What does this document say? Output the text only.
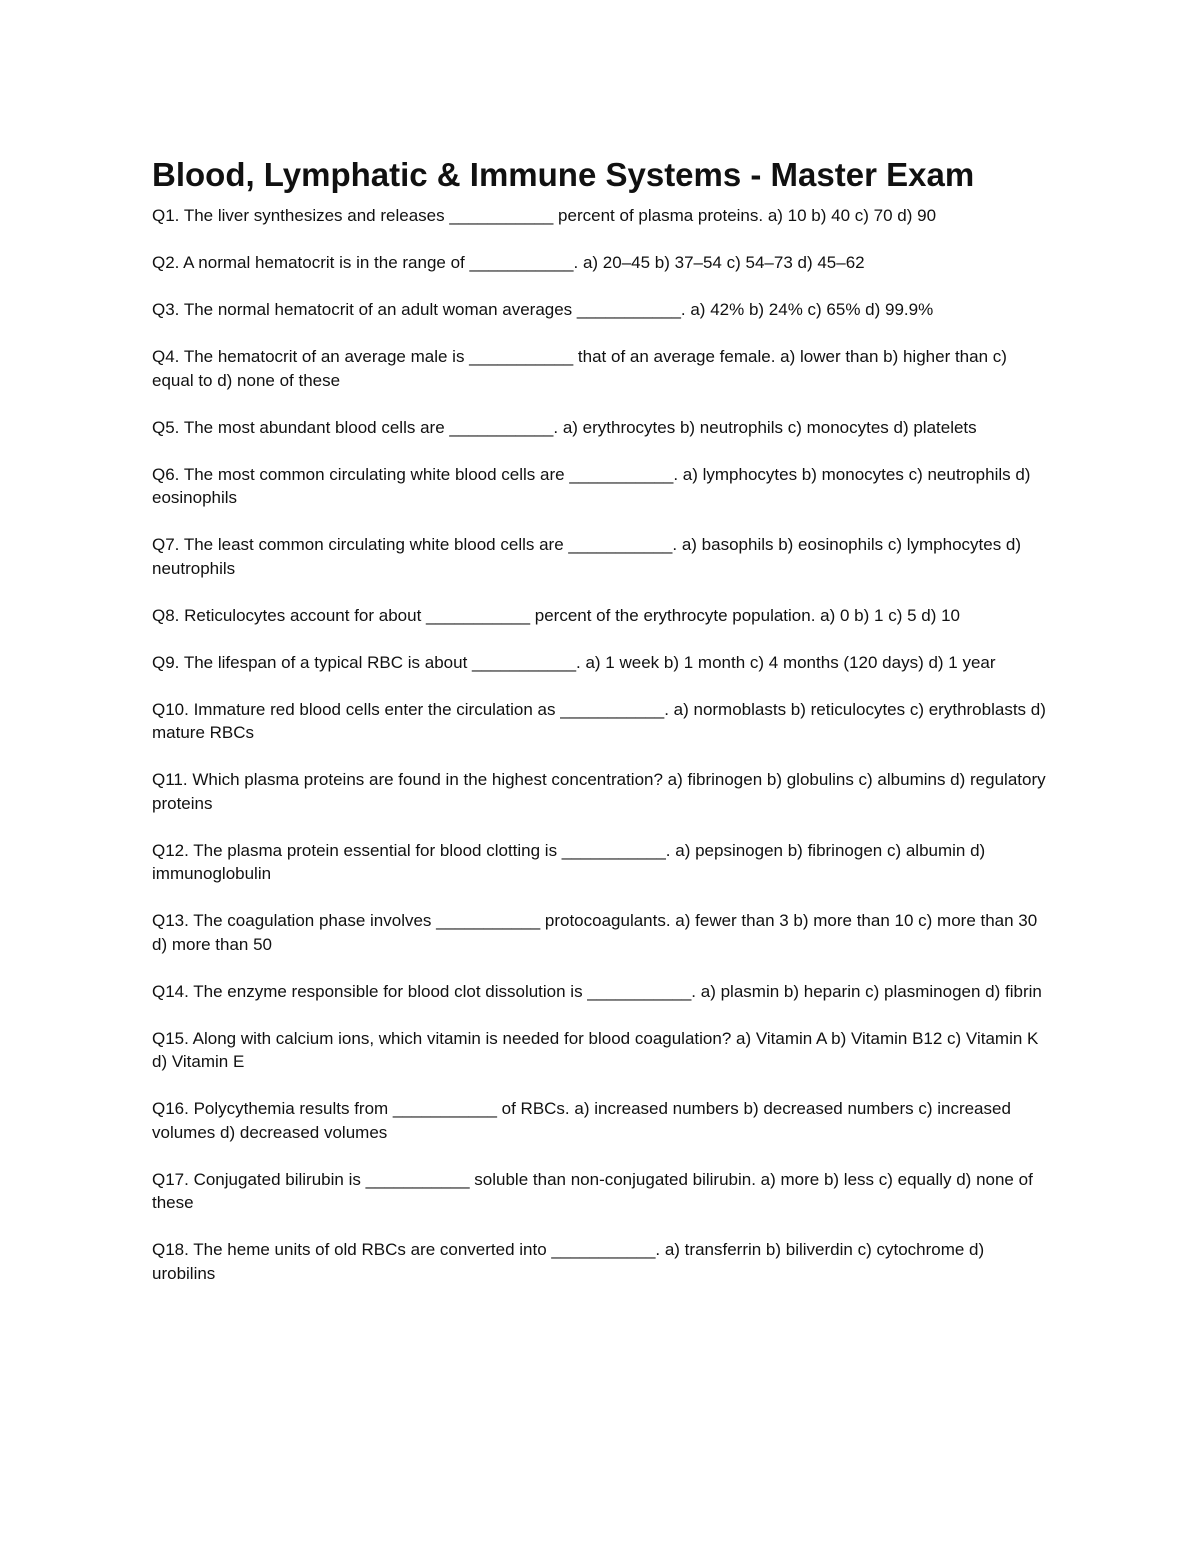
Blood, Lymphatic & Immune Systems - Master Exam

Q1. The liver synthesizes and releases ___________ percent of plasma proteins. a) 10 b) 40 c) 70 d) 90

Q2. A normal hematocrit is in the range of ___________. a) 20–45 b) 37–54 c) 54–73 d) 45–62

Q3. The normal hematocrit of an adult woman averages ___________. a) 42% b) 24% c) 65% d) 99.9%

Q4. The hematocrit of an average male is ___________ that of an average female. a) lower than b) higher than c) equal to d) none of these

Q5. The most abundant blood cells are ___________. a) erythrocytes b) neutrophils c) monocytes d) platelets

Q6. The most common circulating white blood cells are ___________. a) lymphocytes b) monocytes c) neutrophils d) eosinophils

Q7. The least common circulating white blood cells are ___________. a) basophils b) eosinophils c) lymphocytes d) neutrophils

Q8. Reticulocytes account for about ___________ percent of the erythrocyte population. a) 0 b) 1 c) 5 d) 10

Q9. The lifespan of a typical RBC is about ___________. a) 1 week b) 1 month c) 4 months (120 days) d) 1 year

Q10. Immature red blood cells enter the circulation as ___________. a) normoblasts b) reticulocytes c) erythroblasts d) mature RBCs

Q11. Which plasma proteins are found in the highest concentration? a) fibrinogen b) globulins c) albumins d) regulatory proteins

Q12. The plasma protein essential for blood clotting is ___________. a) pepsinogen b) fibrinogen c) albumin d) immunoglobulin

Q13. The coagulation phase involves ___________ protocoagulants. a) fewer than 3 b) more than 10 c) more than 30 d) more than 50

Q14. The enzyme responsible for blood clot dissolution is ___________. a) plasmin b) heparin c) plasminogen d) fibrin

Q15. Along with calcium ions, which vitamin is needed for blood coagulation? a) Vitamin A b) Vitamin B12 c) Vitamin K d) Vitamin E

Q16. Polycythemia results from ___________ of RBCs. a) increased numbers b) decreased numbers c) increased volumes d) decreased volumes

Q17. Conjugated bilirubin is ___________ soluble than non-conjugated bilirubin. a) more b) less c) equally d) none of these

Q18. The heme units of old RBCs are converted into ___________. a) transferrin b) biliverdin c) cytochrome d) urobilins
